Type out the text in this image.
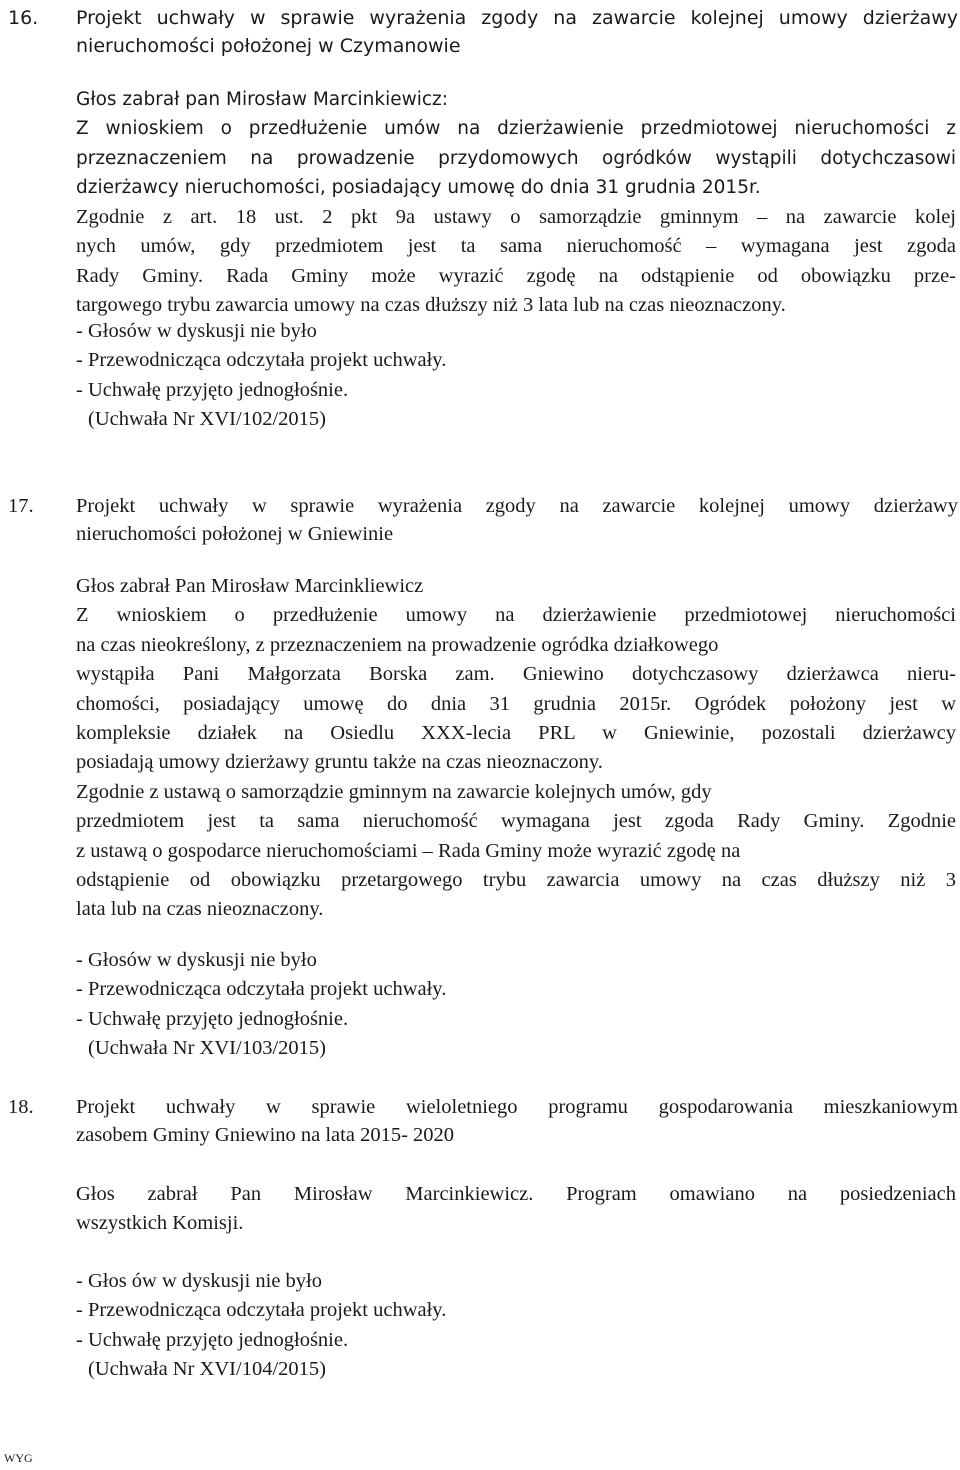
16.	Projekt uchwały w sprawie wyrażenia zgody na zawarcie kolejnej umowy dzierżawy
nieruchomości położonej w Czymanowie
Głos zabrał pan Mirosław Marcinkiewicz:
Z wnioskiem o przedłużenie umów na dzierżawienie przedmiotowej nieruchomości z
przeznaczeniem na prowadzenie przydomowych ogródków wystąpili dotychczasowi
dzierżawcy nieruchomości, posiadający umowę do dnia 31 grudnia 2015r.
Zgodnie z art. 18 ust. 2 pkt 9a ustawy o samorządzie gminnym – na zawarcie kolej
nych umów, gdy przedmiotem jest ta sama nieruchomość – wymagana jest zgoda
Rady Gminy. Rada Gminy może wyrazić zgodę na odstąpienie od obowiązku prze-
targowego trybu zawarcia umowy na czas dłuższy niż 3 lata lub na czas nieoznaczony.
- Głosów w dyskusji nie było
- Przewodnicząca odczytała projekt uchwały.
- Uchwałę przyjęto jednogłośnie.
(Uchwała Nr XVI/102/2015)
17.	Projekt uchwały w sprawie wyrażenia zgody na zawarcie kolejnej umowy dzierżawy
nieruchomości położonej w Gniewinie
Głos zabrał Pan Mirosław Marcinkliewicz
Z wnioskiem o przedłużenie umowy na dzierżawienie przedmiotowej nieruchomości
na czas nieokreślony, z przeznaczeniem na prowadzenie ogródka działkowego
wystąpiła Pani Małgorzata Borska zam. Gniewino dotychczasowy dzierżawca nieru-
chomości, posiadający umowę do dnia 31 grudnia 2015r. Ogródek położony jest w
kompleksie działek na Osiedlu XXX-lecia PRL w Gniewinie, pozostali dzierżawcy
posiadają umowy dzierżawy gruntu także na czas nieoznaczony.
Zgodnie z ustawą o samorządzie gminnym na zawarcie kolejnych umów, gdy
przedmiotem jest ta sama nieruchomość wymagana jest zgoda Rady Gminy. Zgodnie
z ustawą o gospodarce nieruchomościami – Rada Gminy może wyrazić zgodę na
odstąpienie od obowiązku przetargowego trybu zawarcia umowy na czas dłuższy niż 3
lata lub na czas nieoznaczony.
- Głosów w dyskusji nie było
- Przewodnicząca odczytała projekt uchwały.
- Uchwałę przyjęto jednogłośnie.
(Uchwała Nr XVI/103/2015)
18.	Projekt uchwały w sprawie wieloletniego programu gospodarowania mieszkaniowym
zasobem Gminy Gniewino na lata 2015- 2020
Głos zabrał Pan Mirosław Marcinkiewicz. Program omawiano na posiedzeniach
wszystkich Komisji.
- Głos ów w dyskusji nie było
- Przewodnicząca odczytała projekt uchwały.
- Uchwałę przyjęto jednogłośnie.
(Uchwała Nr XVI/104/2015)
WYG
